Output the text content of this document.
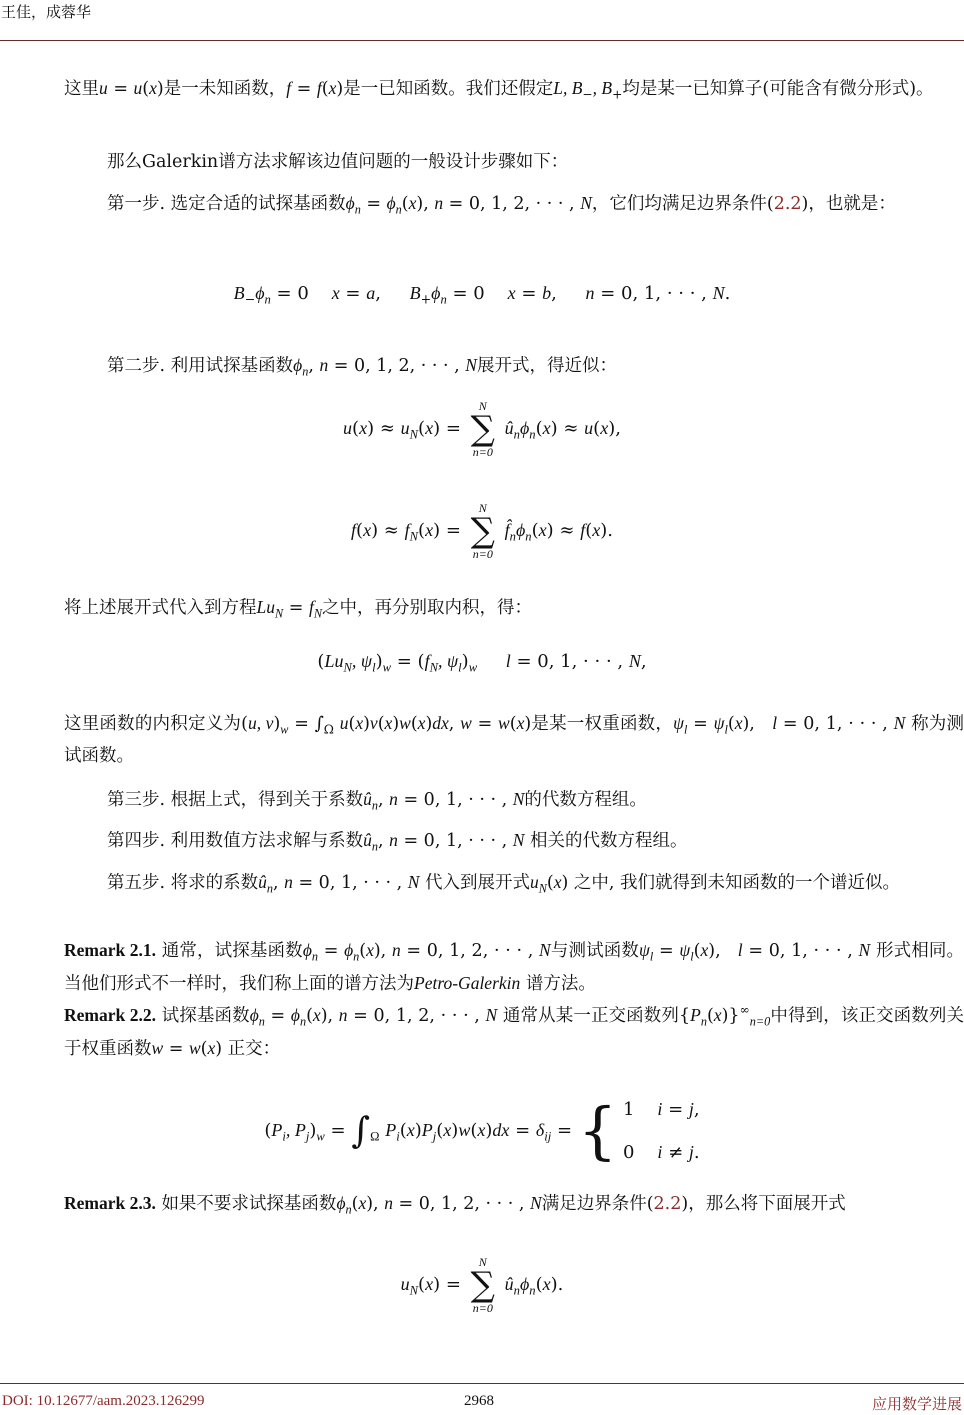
王佳，成蓉华
这里u = u(x)是一未知函数，f = f(x)是一已知函数。我们还假定L, $B_-$, $B_+$均是某一已知算子(可能含有微分形式)。
那么Galerkin谱方法求解该边值问题的一般设计步骤如下：
第一步. 选定合适的试探基函数$\phi_n = \phi_n(x)$, n = 0, 1, 2, · · · , N，它们均满足边界条件(2.2)，也就是：
$B_-\phi_n = 0$    x = a,     $B_+\phi_n = 0$    x = b,     n = 0, 1, · · · , N.
第二步. 利用试探基函数$\phi_n$, n = 0, 1, 2, · · · , N展开式，得近似：
$u(x) \approx u_N(x)$ =
N
∑
n=0
$û_n\phi_n(x) \approx u(x)$,
$f(x) \approx f_N(x)$ =
N
∑
n=0
$f̂_n\phi_n(x) \approx f(x)$.
将上述展开式代入到方程$Lu_N = f_N$之中，再分别取内积，得：
($Lu_N$, $\psi_l)_w = (f_N$, $\psi_l)_w$ l = 0, 1, · · · , N,
这里函数的内积定义为(u, $v)_w = \int_\Omega$ u(x)v(x)w(x)dx, w = w(x)是某一权重函数，$\psi_l = \psi_l(x)$,   l = 0, 1, · · · , N 称为测试函数。
第三步. 根据上式，得到关于系数$û_n$, n = 0, 1, · · · , N的代数方程组。
第四步. 利用数值方法求解与系数$û_n$, n = 0, 1, · · · , N 相关的代数方程组。
第五步. 将求的系数$û_n$, n = 0, 1, · · · , N 代入到展开式$u_N(x)$ 之中, 我们就得到未知函数的一个谱近似。
Remark 2.1. 通常，试探基函数$\phi_n = \phi_n(x)$, n = 0, 1, 2, · · · , N与测试函数$\psi_l = \psi_l(x)$,   l = 0, 1, · · · , N 形式相同。当他们形式不一样时，我们称上面的谱方法为Petro-Galerkin 谱方法。
Remark 2.2. 试探基函数$\phi_n = \phi_n(x)$, n = 0, 1, 2, · · · , N 通常从某一正交函数列$\{P_n(x)\}^\infty_{n=0}$中得到，该正交函数列关于权重函数w = w(x) 正交：
($P_i$, $P_j)_w = \int_\Omega$ $P_i(x)P_j(x)w(x)dx = \delta_{ij}$ = { 1    i = j,
0    i ≠ j.
Remark 2.3. 如果不要求试探基函数$\phi_n(x)$, n = 0, 1, 2, · · · , N满足边界条件(2.2)，那么将下面展开式
$u_N(x)$ =
N
∑
n=0
$û_n\phi_n(x)$.
DOI: 10.12677/aam.2023.126299	2968	应用数学进展
